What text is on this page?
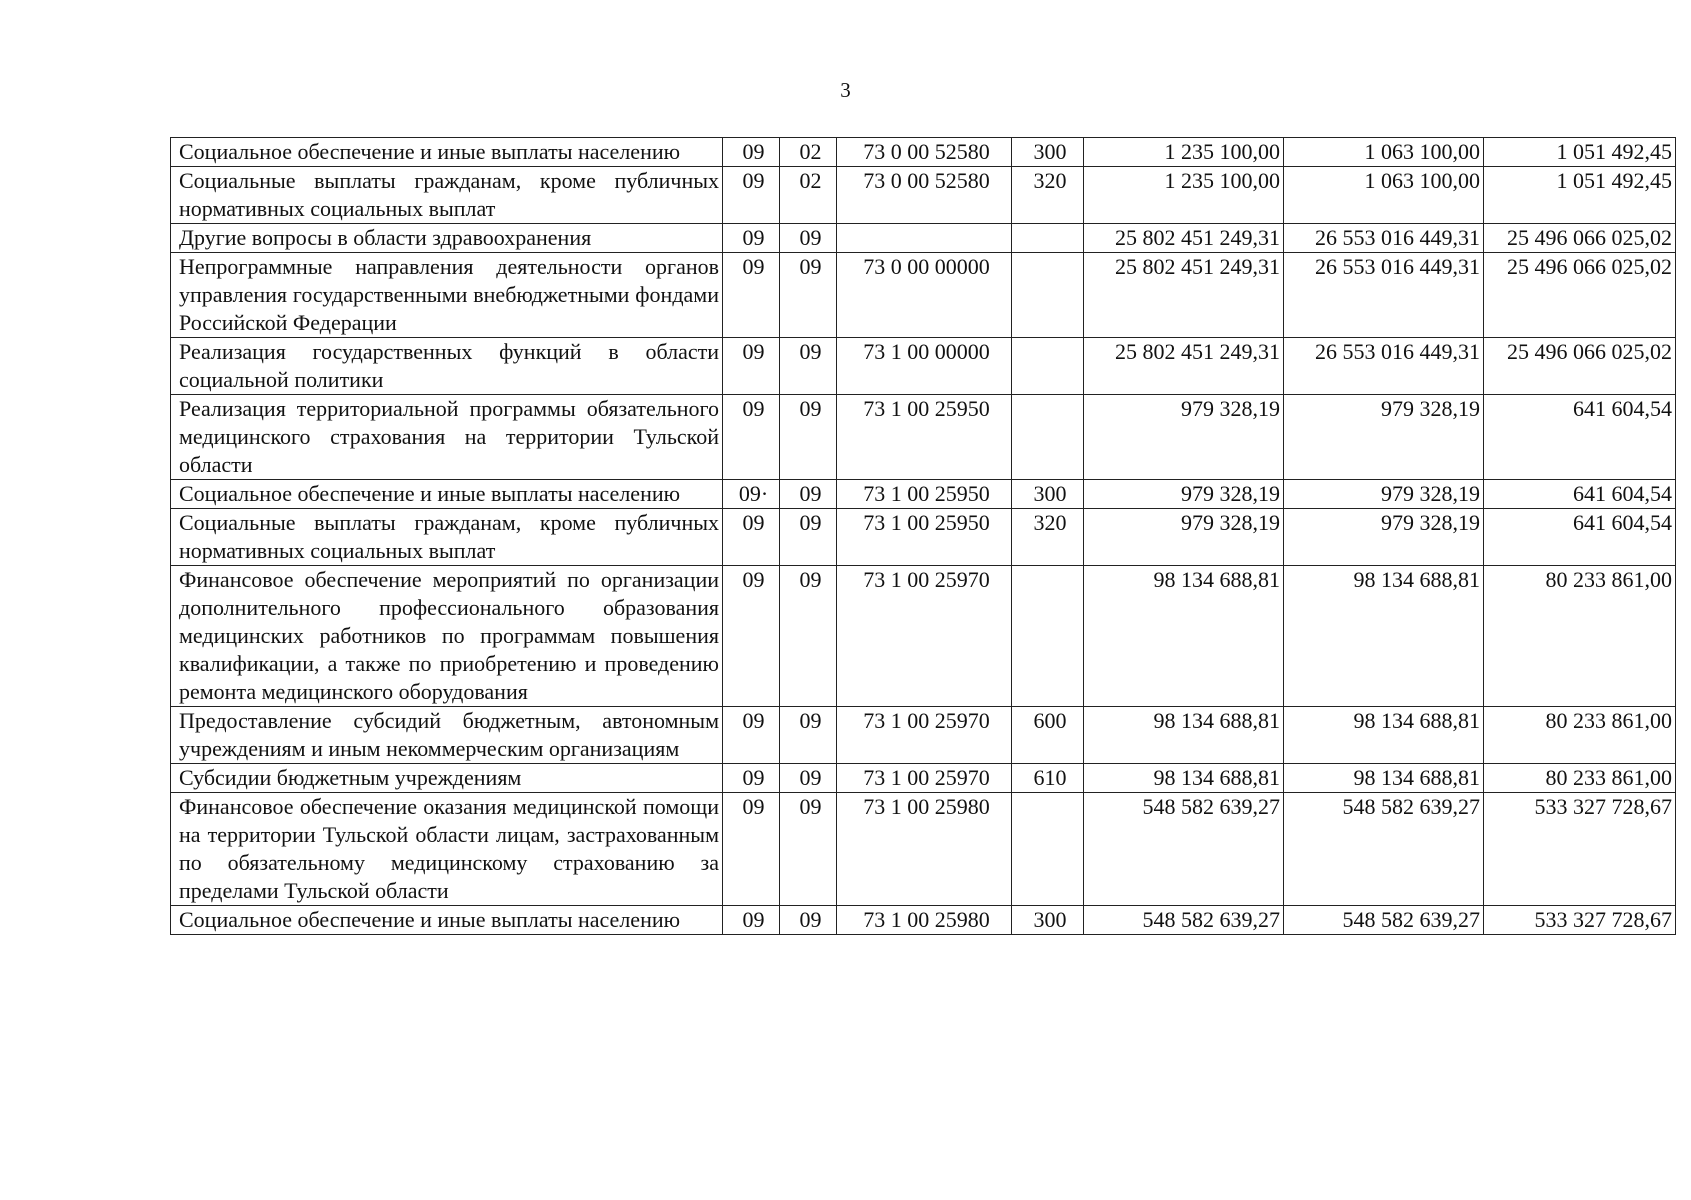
3
Социальное обеспечение и иные выплаты населению	09	02	73 0 00 52580	300	1 235 100,00	1 063 100,00	1 051 492,45
Социальные выплаты гражданам, кроме публичных нормативных социальных выплат	09	02	73 0 00 52580	320	1 235 100,00	1 063 100,00	1 051 492,45
Другие вопросы в области здравоохранения	09	09			25 802 451 249,31	26 553 016 449,31	25 496 066 025,02
Непрограммные направления деятельности органов управления государственными внебюджетными фондами Российской Федерации	09	09	73 0 00 00000		25 802 451 249,31	26 553 016 449,31	25 496 066 025,02
Реализация государственных функций в области социальной политики	09	09	73 1 00 00000		25 802 451 249,31	26 553 016 449,31	25 496 066 025,02
Реализация территориальной программы обязательного медицинского страхования на территории Тульской области	09	09	73 1 00 25950		979 328,19	979 328,19	641 604,54
Социальное обеспечение и иные выплаты населению	09·	09	73 1 00 25950	300	979 328,19	979 328,19	641 604,54
Социальные выплаты гражданам, кроме публичных нормативных социальных выплат	09	09	73 1 00 25950	320	979 328,19	979 328,19	641 604,54
Финансовое обеспечение мероприятий по организации дополнительного профессионального образования медицинских работников по программам повышения квалификации, а также по приобретению и проведению ремонта медицинского оборудования	09	09	73 1 00 25970		98 134 688,81	98 134 688,81	80 233 861,00
Предоставление субсидий бюджетным, автономным учреждениям и иным некоммерческим организациям	09	09	73 1 00 25970	600	98 134 688,81	98 134 688,81	80 233 861,00
Субсидии бюджетным учреждениям	09	09	73 1 00 25970	610	98 134 688,81	98 134 688,81	80 233 861,00
Финансовое обеспечение оказания медицинской помощи на территории Тульской области лицам, застрахованным по обязательному медицинскому страхованию за пределами Тульской области	09	09	73 1 00 25980		548 582 639,27	548 582 639,27	533 327 728,67
Социальное обеспечение и иные выплаты населению	09	09	73 1 00 25980	300	548 582 639,27	548 582 639,27	533 327 728,67
